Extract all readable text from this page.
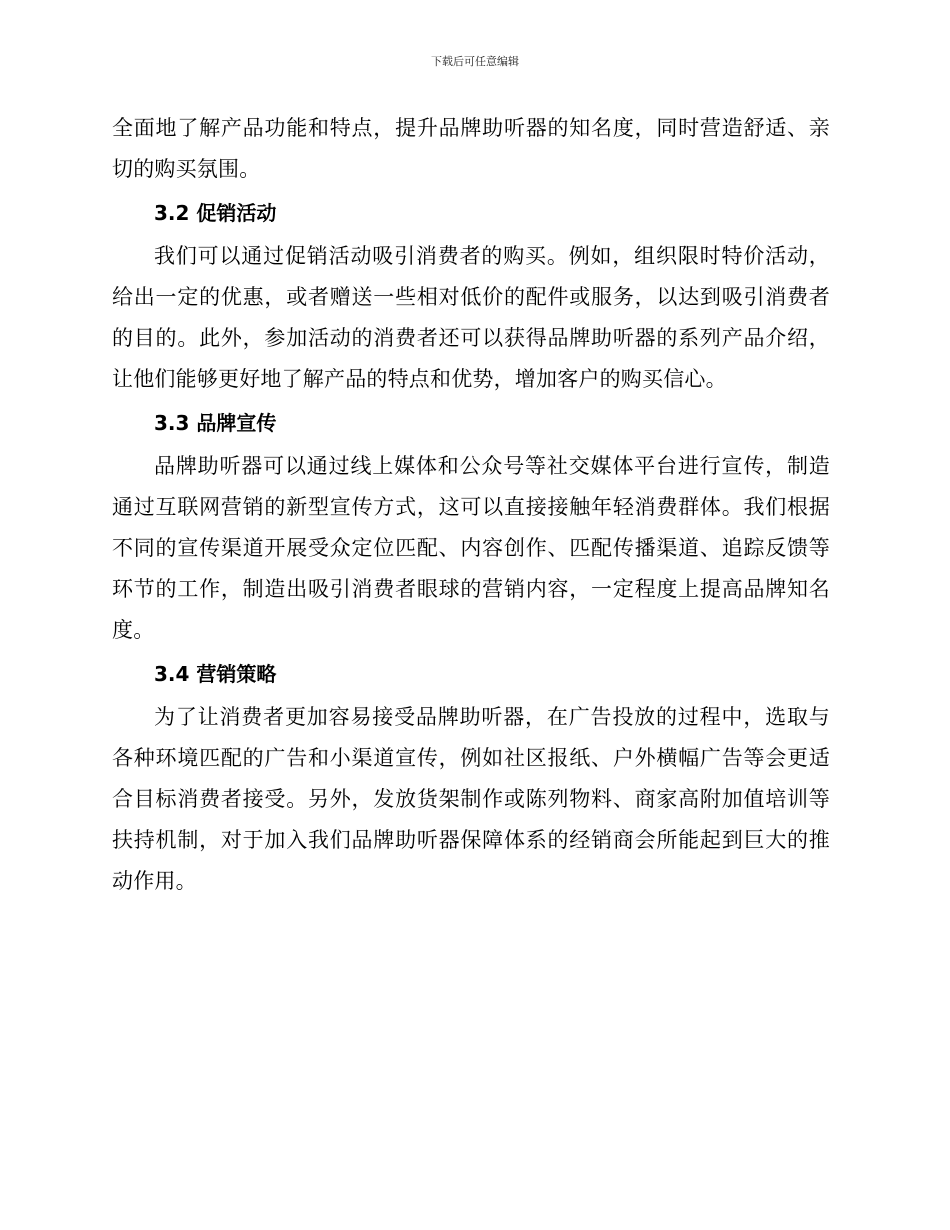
下载后可任意编辑

全面地了解产品功能和特点，提升品牌助听器的知名度，同时营造舒适、亲切的购买氛围。

3.2 促销活动

我们可以通过促销活动吸引消费者的购买。例如，组织限时特价活动，给出一定的优惠，或者赠送一些相对低价的配件或服务，以达到吸引消费者的目的。此外，参加活动的消费者还可以获得品牌助听器的系列产品介绍，让他们能够更好地了解产品的特点和优势，增加客户的购买信心。

3.3 品牌宣传

品牌助听器可以通过线上媒体和公众号等社交媒体平台进行宣传，制造通过互联网营销的新型宣传方式，这可以直接接触年轻消费群体。我们根据不同的宣传渠道开展受众定位匹配、内容创作、匹配传播渠道、追踪反馈等环节的工作，制造出吸引消费者眼球的营销内容，一定程度上提高品牌知名度。

3.4 营销策略

为了让消费者更加容易接受品牌助听器，在广告投放的过程中，选取与各种环境匹配的广告和小渠道宣传，例如社区报纸、户外横幅广告等会更适合目标消费者接受。另外，发放货架制作或陈列物料、商家高附加值培训等扶持机制，对于加入我们品牌助听器保障体系的经销商会所能起到巨大的推动作用。
